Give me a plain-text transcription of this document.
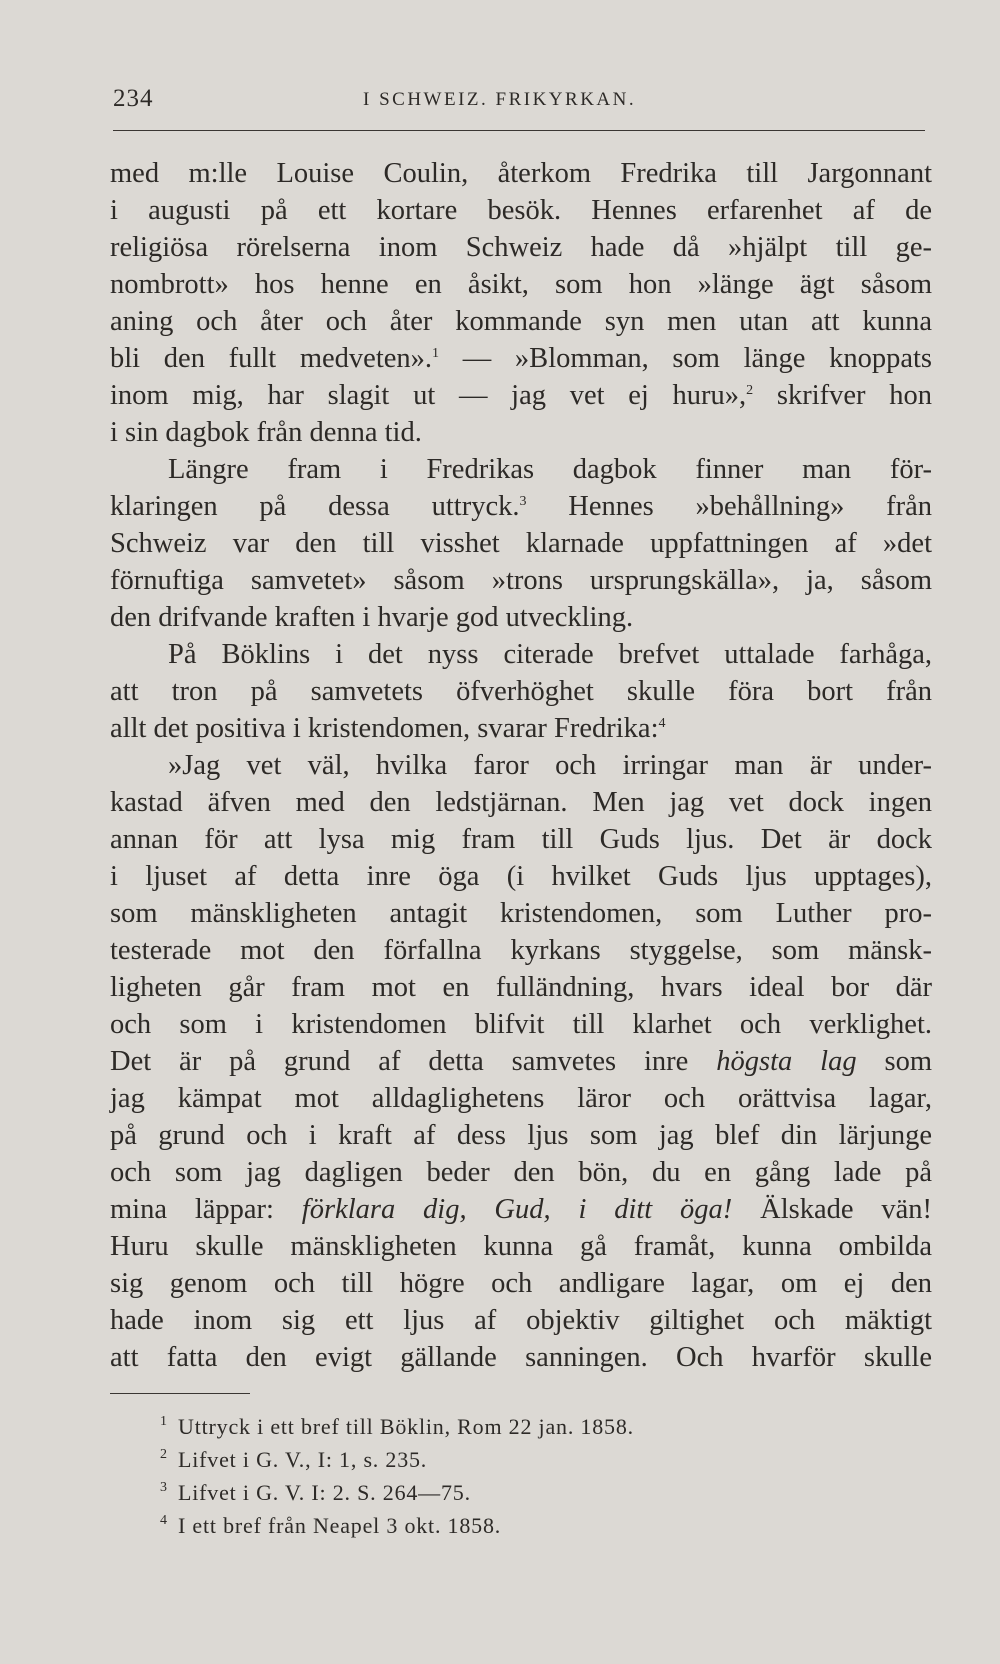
234	I SCHWEIZ. FRIKYRKAN.
med m:lle Louise Coulin, återkom Fredrika till Jargonnant
i augusti på ett kortare besök. Hennes erfarenhet af de
religiösa rörelserna inom Schweiz hade då »hjälpt till ge-
nombrott» hos henne en åsikt, som hon »länge ägt såsom
aning och åter och åter kommande syn men utan att kunna
bli den fullt medveten».$^1$ — »Blomman, som länge knoppats
inom mig, har slagit ut — jag vet ej huru»,$^2$ skrifver hon
i sin dagbok från denna tid.
Längre fram i Fredrikas dagbok finner man för-
klaringen på dessa uttryck.$^3$ Hennes »behållning» från
Schweiz var den till visshet klarnade uppfattningen af »det
förnuftiga samvetet» såsom »trons ursprungskälla», ja, såsom
den drifvande kraften i hvarje god utveckling.
På Böklins i det nyss citerade brefvet uttalade farhåga,
att tron på samvetets öfverhöghet skulle föra bort från
allt det positiva i kristendomen, svarar Fredrika:$^4$
»Jag vet väl, hvilka faror och irringar man är under-
kastad äfven med den ledstjärnan. Men jag vet dock ingen
annan för att lysa mig fram till Guds ljus. Det är dock
i ljuset af detta inre öga (i hvilket Guds ljus upptages),
som mänskligheten antagit kristendomen, som Luther pro-
testerade mot den förfallna kyrkans styggelse, som mänsk-
ligheten går fram mot en fulländning, hvars ideal bor där
och som i kristendomen blifvit till klarhet och verklighet.
Det är på grund af detta samvetes inre högsta lag som
jag kämpat mot alldaglighetens läror och orättvisa lagar,
på grund och i kraft af dess ljus som jag blef din lärjunge
och som jag dagligen beder den bön, du en gång lade på
mina läppar: förklara dig, Gud, i ditt öga! Älskade vän!
Huru skulle mänskligheten kunna gå framåt, kunna ombilda
sig genom och till högre och andligare lagar, om ej den
hade inom sig ett ljus af objektiv giltighet och mäktigt
att fatta den evigt gällande sanningen. Och hvarför skulle
1 Uttryck i ett bref till Böklin, Rom 22 jan. 1858.
2 Lifvet i G. V., I: 1, s. 235.
3 Lifvet i G. V. I: 2. S. 264—75.
4 I ett bref från Neapel 3 okt. 1858.
